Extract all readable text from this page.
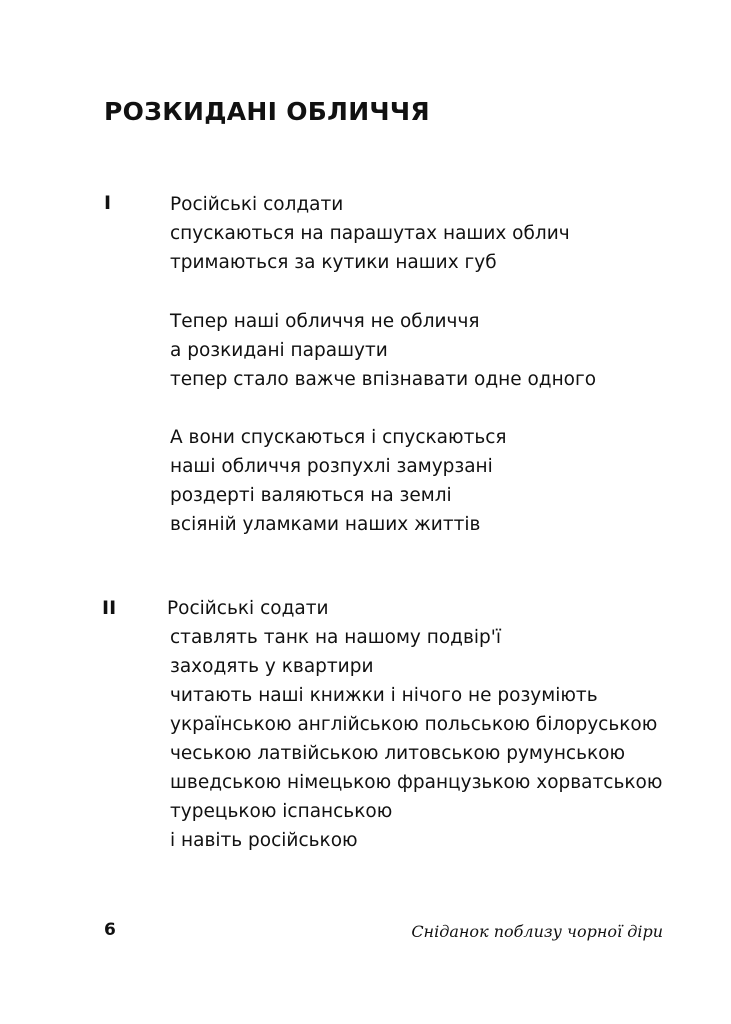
РОЗКИДАНІ ОБЛИЧЧЯ
I	Російські солдати
спускаються на парашутах наших облич
тримаються за кутики наших губ
Тепер наші обличчя не обличчя
а розкидані парашути
тепер стало важче впізнавати одне одного
А вони спускаються і спускаються
наші обличчя розпухлі замурзані
роздерті валяються на землі
всіяній уламками наших життів
II	Російські содати
ставлять танк на нашому подвір'ї
заходять у квартири
читають наші книжки і нічого не розуміють
українською англійською польською білоруською
чеською латвійською литовською румунською
шведською німецькою французькою хорватською
турецькою іспанською
і навіть російською
6	Сніданок поблизу чорної діри
